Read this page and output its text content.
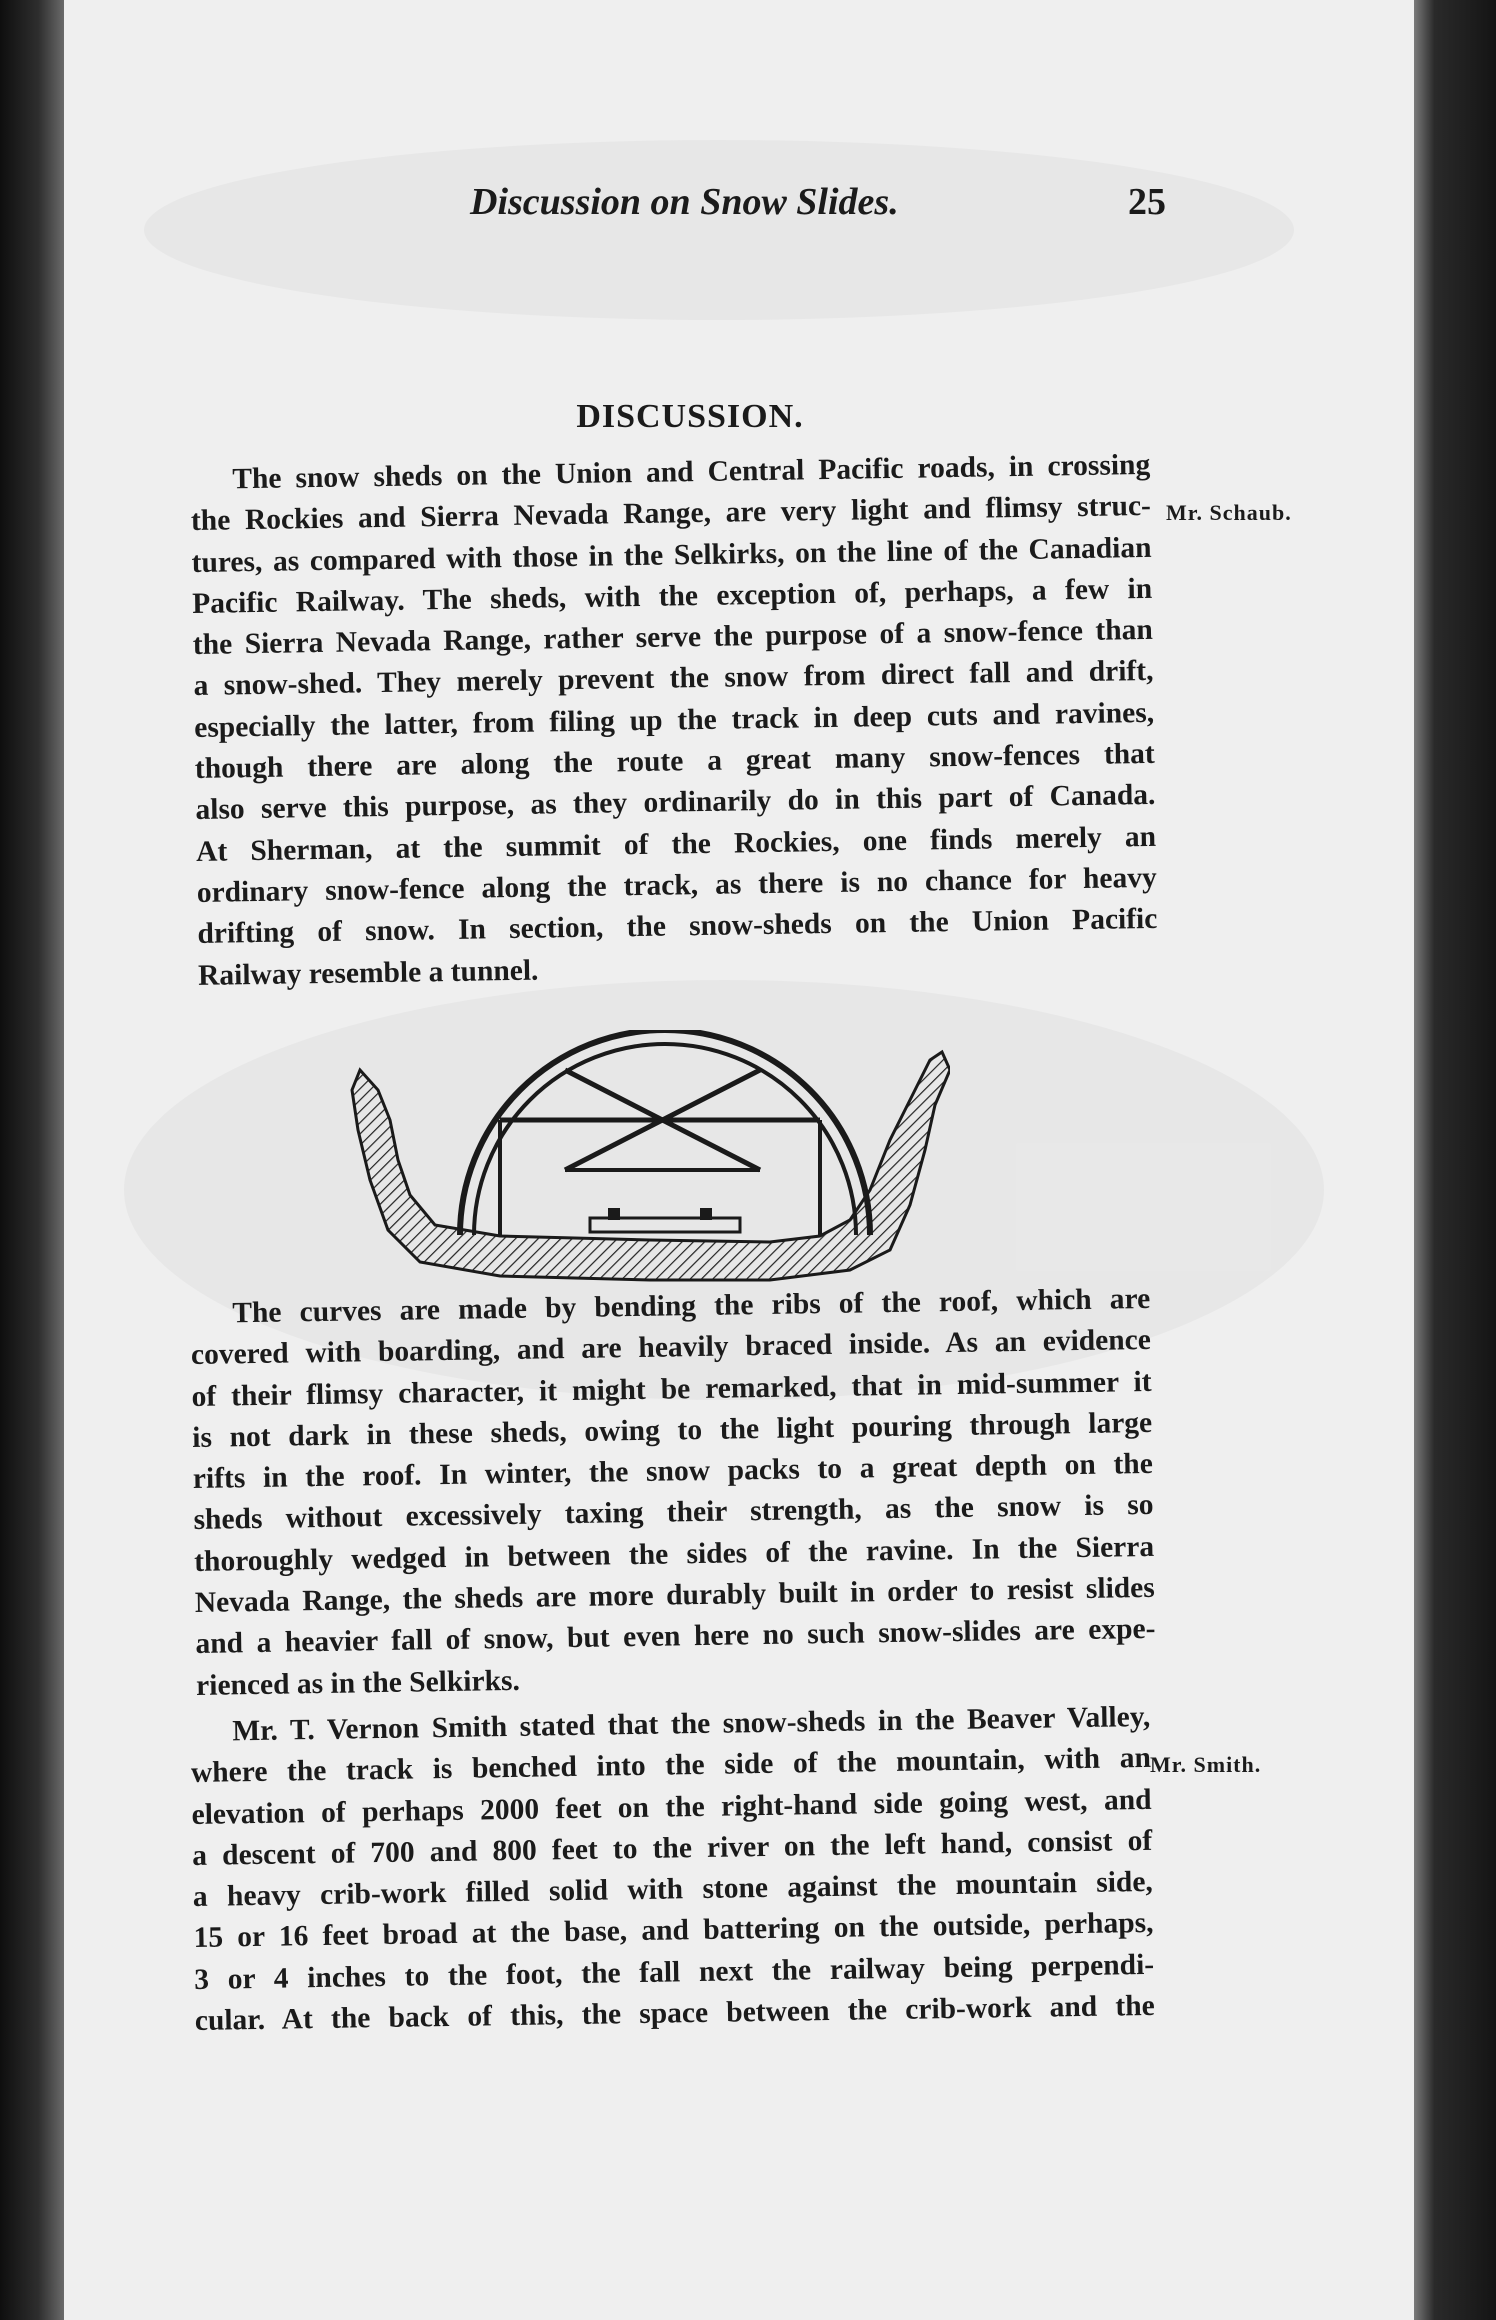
Discussion on Snow Slides.	25
DISCUSSION.
Mr. Schaub.
Mr. Smith.
The snow sheds on the Union and Central Pacific roads, in crossing
the Rockies and Sierra Nevada Range, are very light and flimsy struc-
tures, as compared with those in the Selkirks, on the line of the Canadian
Pacific Railway. The sheds, with the exception of, perhaps, a few in
the Sierra Nevada Range, rather serve the purpose of a snow-fence than
a snow-shed. They merely prevent the snow from direct fall and drift,
especially the latter, from filing up the track in deep cuts and ravines,
though there are along the route a great many snow-fences that
also serve this purpose, as they ordinarily do in this part of Canada.
At Sherman, at the summit of the Rockies, one finds merely an
ordinary snow-fence along the track, as there is no chance for heavy
drifting of snow. In section, the snow-sheds on the Union Pacific
Railway resemble a tunnel.
The curves are made by bending the ribs of the roof, which are
covered with boarding, and are heavily braced inside. As an evidence
of their flimsy character, it might be remarked, that in mid-summer it
is not dark in these sheds, owing to the light pouring through large
rifts in the roof. In winter, the snow packs to a great depth on the
sheds without excessively taxing their strength, as the snow is so
thoroughly wedged in between the sides of the ravine. In the Sierra
Nevada Range, the sheds are more durably built in order to resist slides
and a heavier fall of snow, but even here no such snow-slides are expe-
rienced as in the Selkirks.
Mr. T. Vernon Smith stated that the snow-sheds in the Beaver Valley,
where the track is benched into the side of the mountain, with an
elevation of perhaps 2000 feet on the right-hand side going west, and
a descent of 700 and 800 feet to the river on the left hand, consist of
a heavy crib-work filled solid with stone against the mountain side,
15 or 16 feet broad at the base, and battering on the outside, perhaps,
3 or 4 inches to the foot, the fall next the railway being perpendi-
cular. At the back of this, the space between the crib-work and the
